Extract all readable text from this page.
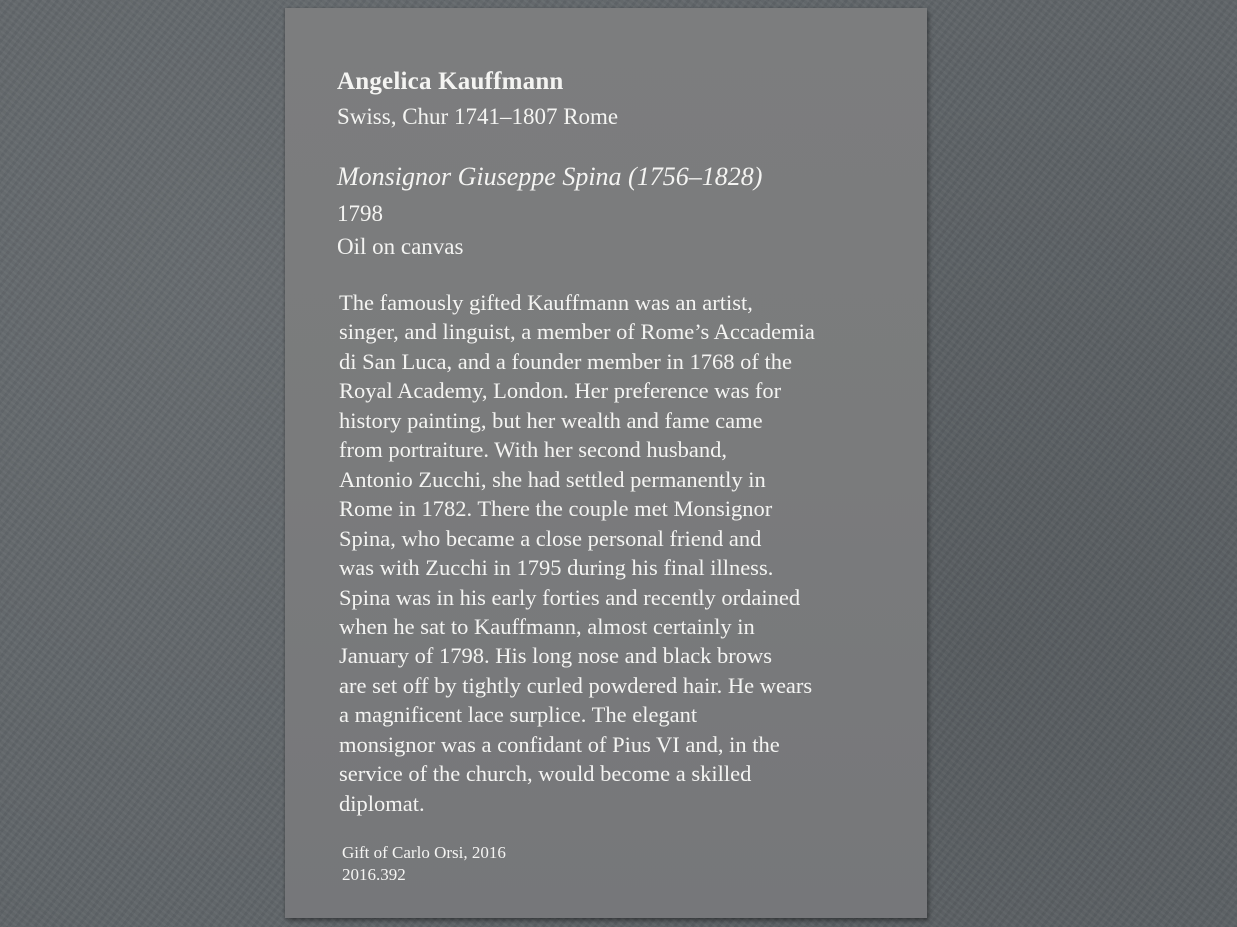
Angelica Kauffmann
Swiss, Chur 1741–1807 Rome
Monsignor Giuseppe Spina (1756–1828)
1798
Oil on canvas
The famously gifted Kauffmann was an artist,
singer, and linguist, a member of Rome’s Accademia
di San Luca, and a founder member in 1768 of the
Royal Academy, London. Her preference was for
history painting, but her wealth and fame came
from portraiture. With her second husband,
Antonio Zucchi, she had settled permanently in
Rome in 1782. There the couple met Monsignor
Spina, who became a close personal friend and
was with Zucchi in 1795 during his final illness.
Spina was in his early forties and recently ordained
when he sat to Kauffmann, almost certainly in
January of 1798. His long nose and black brows
are set off by tightly curled powdered hair. He wears
a magnificent lace surplice. The elegant
monsignor was a confidant of Pius VI and, in the
service of the church, would become a skilled
diplomat.
Gift of Carlo Orsi, 2016
2016.392
